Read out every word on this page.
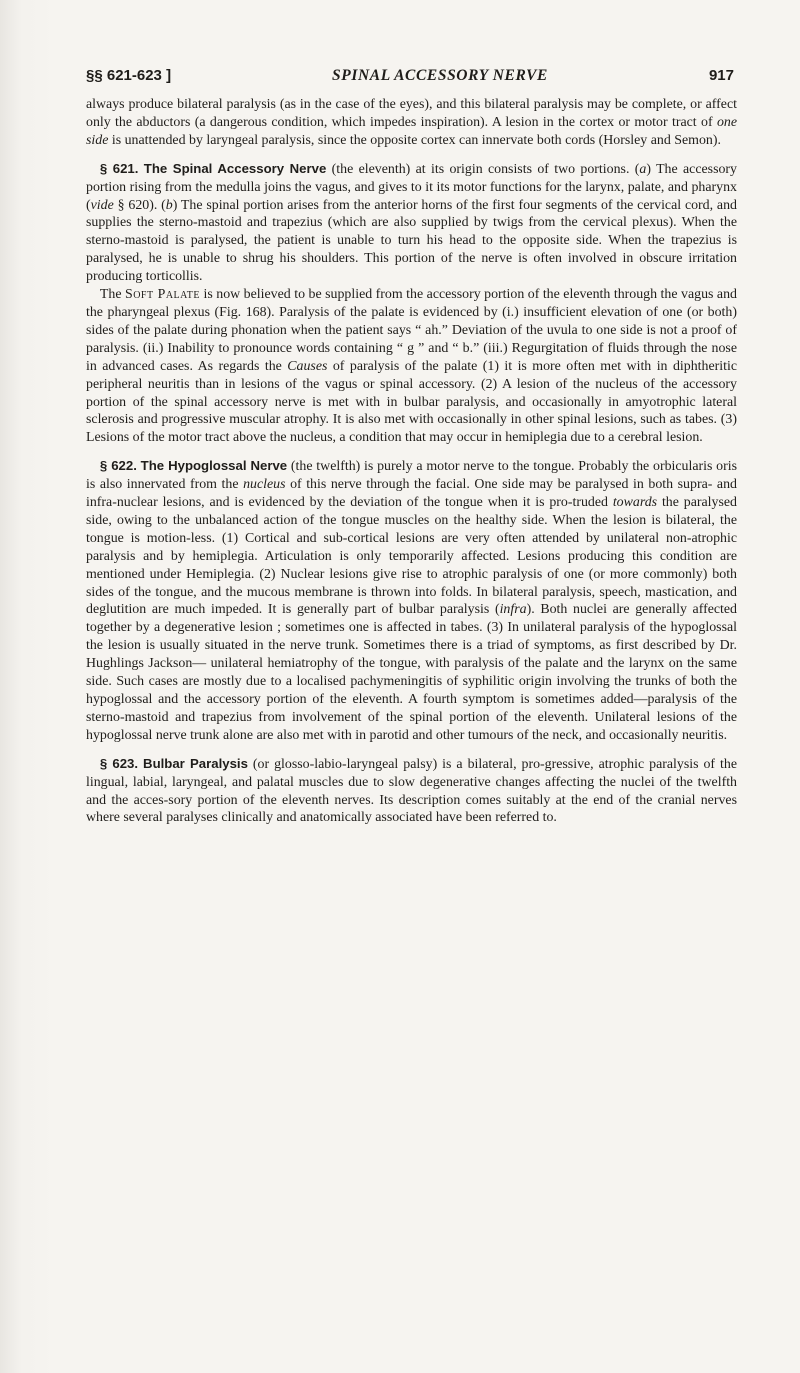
§§ 621-623 ]	SPINAL ACCESSORY NERVE	917

always produce bilateral paralysis (as in the case of the eyes), and this bilateral paralysis may be complete, or affect only the abductors (a dangerous condition, which impedes inspiration). A lesion in the cortex or motor tract of one side is unattended by laryngeal paralysis, since the opposite cortex can innervate both cords (Horsley and Semon).

 § 621. The Spinal Accessory Nerve (the eleventh) at its origin consists of two portions. (a) The accessory portion rising from the medulla joins the vagus, and gives to it its motor functions for the larynx, palate, and pharynx (vide § 620). (b) The spinal portion arises from the anterior horns of the first four segments of the cervical cord, and supplies the sterno-mastoid and trapezius (which are also supplied by twigs from the cervical plexus). When the sterno-mastoid is paralysed, the patient is unable to turn his head to the opposite side. When the trapezius is paralysed, he is unable to shrug his shoulders. This portion of the nerve is often involved in obscure irritation producing torticollis.

 The Soft Palate is now believed to be supplied from the accessory portion of the eleventh through the vagus and the pharyngeal plexus (Fig. 168). Paralysis of the palate is evidenced by (i.) insufficient elevation of one (or both) sides of the palate during phonation when the patient says “ ah.” Deviation of the uvula to one side is not a proof of paralysis. (ii.) Inability to pronounce words containing “ g ” and “ b.” (iii.) Regurgitation of fluids through the nose in advanced cases. As regards the Causes of paralysis of the palate (1) it is more often met with in diphtheritic peripheral neuritis than in lesions of the vagus or spinal accessory. (2) A lesion of the nucleus of the accessory portion of the spinal accessory nerve is met with in bulbar paralysis, and occasionally in amyotrophic lateral sclerosis and progressive muscular atrophy. It is also met with occasionally in other spinal lesions, such as tabes. (3) Lesions of the motor tract above the nucleus, a condition that may occur in hemiplegia due to a cerebral lesion.

 § 622. The Hypoglossal Nerve (the twelfth) is purely a motor nerve to the tongue. Probably the orbicularis oris is also innervated from the nucleus of this nerve through the facial. One side may be paralysed in both supra- and infra-nuclear lesions, and is evidenced by the deviation of the tongue when it is pro-truded towards the paralysed side, owing to the unbalanced action of the tongue muscles on the healthy side. When the lesion is bilateral, the tongue is motion-less. (1) Cortical and sub-cortical lesions are very often attended by unilateral non-atrophic paralysis and by hemiplegia. Articulation is only temporarily affected. Lesions producing this condition are mentioned under Hemiplegia. (2) Nuclear lesions give rise to atrophic paralysis of one (or more commonly) both sides of the tongue, and the mucous membrane is thrown into folds. In bilateral paralysis, speech, mastication, and deglutition are much impeded. It is generally part of bulbar paralysis (infra). Both nuclei are generally affected together by a degenerative lesion ; sometimes one is affected in tabes. (3) In unilateral paralysis of the hypoglossal the lesion is usually situated in the nerve trunk. Sometimes there is a triad of symptoms, as first described by Dr. Hughlings Jackson— unilateral hemiatrophy of the tongue, with paralysis of the palate and the larynx on the same side. Such cases are mostly due to a localised pachymeningitis of syphilitic origin involving the trunks of both the hypoglossal and the accessory portion of the eleventh. A fourth symptom is sometimes added—paralysis of the sterno-mastoid and trapezius from involvement of the spinal portion of the eleventh. Unilateral lesions of the hypoglossal nerve trunk alone are also met with in parotid and other tumours of the neck, and occasionally neuritis.

 § 623. Bulbar Paralysis (or glosso-labio-laryngeal palsy) is a bilateral, pro-gressive, atrophic paralysis of the lingual, labial, laryngeal, and palatal muscles due to slow degenerative changes affecting the nuclei of the twelfth and the acces-sory portion of the eleventh nerves. Its description comes suitably at the end of the cranial nerves where several paralyses clinically and anatomically associated have been referred to.
